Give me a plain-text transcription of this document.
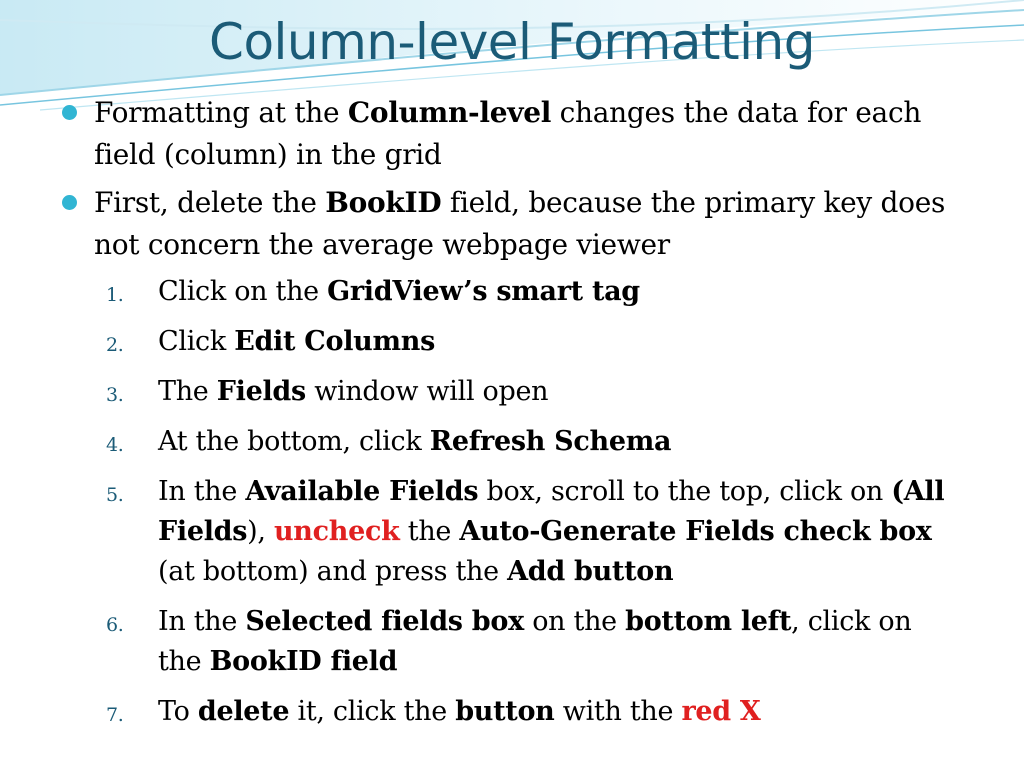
Column-level Formatting
Formatting at the Column-level changes the data for each field (column) in the grid
First, delete the BookID field, because the primary key does not concern the average webpage viewer
1. Click on the GridView’s smart tag
2. Click Edit Columns
3. The Fields window will open
4. At the bottom, click Refresh Schema
5. In the Available Fields box, scroll to the top, click on (All Fields), uncheck the Auto-Generate Fields check box (at bottom) and press the Add button
6. In the Selected fields box on the bottom left, click on the BookID field
7. To delete it, click the button with the red X
